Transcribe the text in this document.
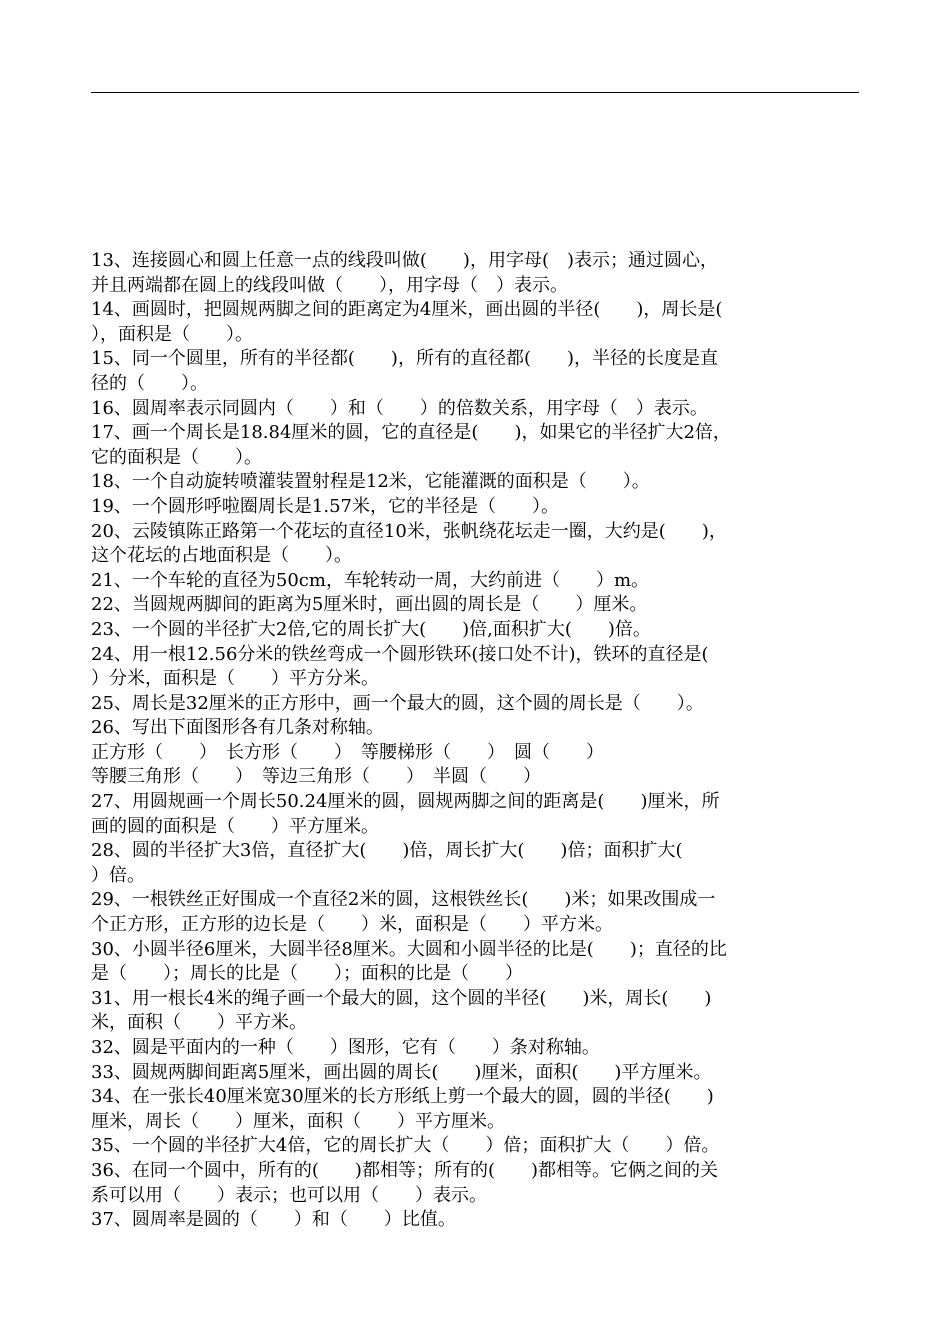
13、连接圆心和圆上任意一点的线段叫做(　　)，用字母(　)表示；通过圆心，
并且两端都在圆上的线段叫做（　　），用字母（　）表示。
14、画圆时，把圆规两脚之间的距离定为4厘米，画出圆的半径(　　)，周长是(
），面积是（　　）。
15、同一个圆里，所有的半径都(　　)，所有的直径都(　　)，半径的长度是直
径的（　　）。
16、圆周率表示同圆内（　　）和（　　）的倍数关系，用字母（　）表示。
17、画一个周长是18.84厘米的圆，它的直径是(　　)，如果它的半径扩大2倍，
它的面积是（　　）。
18、一个自动旋转喷灌装置射程是12米，它能灌溉的面积是（　　）。
19、一个圆形呼啦圈周长是1.57米，它的半径是（　　）。
20、云陵镇陈正路第一个花坛的直径10米，张帆绕花坛走一圈，大约是(　　)，
这个花坛的占地面积是（　　）。
21、一个车轮的直径为50cm，车轮转动一周，大约前进（　　）m。
22、当圆规两脚间的距离为5厘米时，画出圆的周长是（　　）厘米。
23、一个圆的半径扩大2倍,它的周长扩大(　　)倍,面积扩大(　　)倍。
24、用一根12.56分米的铁丝弯成一个圆形铁环(接口处不计)，铁环的直径是(
）分米，面积是（　　）平方分米。
25、周长是32厘米的正方形中，画一个最大的圆，这个圆的周长是（　　）。
26、写出下面图形各有几条对称轴。
正方形（　　）　长方形（　　）　等腰梯形（　　）　圆（　　）
等腰三角形（　　）　等边三角形（　　）　半圆（　　）
27、用圆规画一个周长50.24厘米的圆，圆规两脚之间的距离是(　　)厘米，所
画的圆的面积是（　　）平方厘米。
28、圆的半径扩大3倍，直径扩大(　　)倍，周长扩大(　　)倍；面积扩大(
）倍。
29、一根铁丝正好围成一个直径2米的圆，这根铁丝长(　　)米；如果改围成一
个正方形，正方形的边长是（　　）米，面积是（　　）平方米。
30、小圆半径6厘米，大圆半径8厘米。大圆和小圆半径的比是(　　)；直径的比
是（　　）；周长的比是（　　）；面积的比是（　　）
31、用一根长4米的绳子画一个最大的圆，这个圆的半径(　　)米，周长(　　)
米，面积（　　）平方米。
32、圆是平面内的一种（　　）图形，它有（　　）条对称轴。
33、圆规两脚间距离5厘米，画出圆的周长(　　)厘米，面积(　　)平方厘米。
34、在一张长40厘米宽30厘米的长方形纸上剪一个最大的圆，圆的半径(　　)
厘米，周长（　　）厘米，面积（　　）平方厘米。
35、一个圆的半径扩大4倍，它的周长扩大（　　）倍；面积扩大（　　）倍。
36、在同一个圆中，所有的(　　)都相等；所有的(　　)都相等。它俩之间的关
系可以用（　　）表示；也可以用（　　）表示。
37、圆周率是圆的（　　）和（　　）比值。
